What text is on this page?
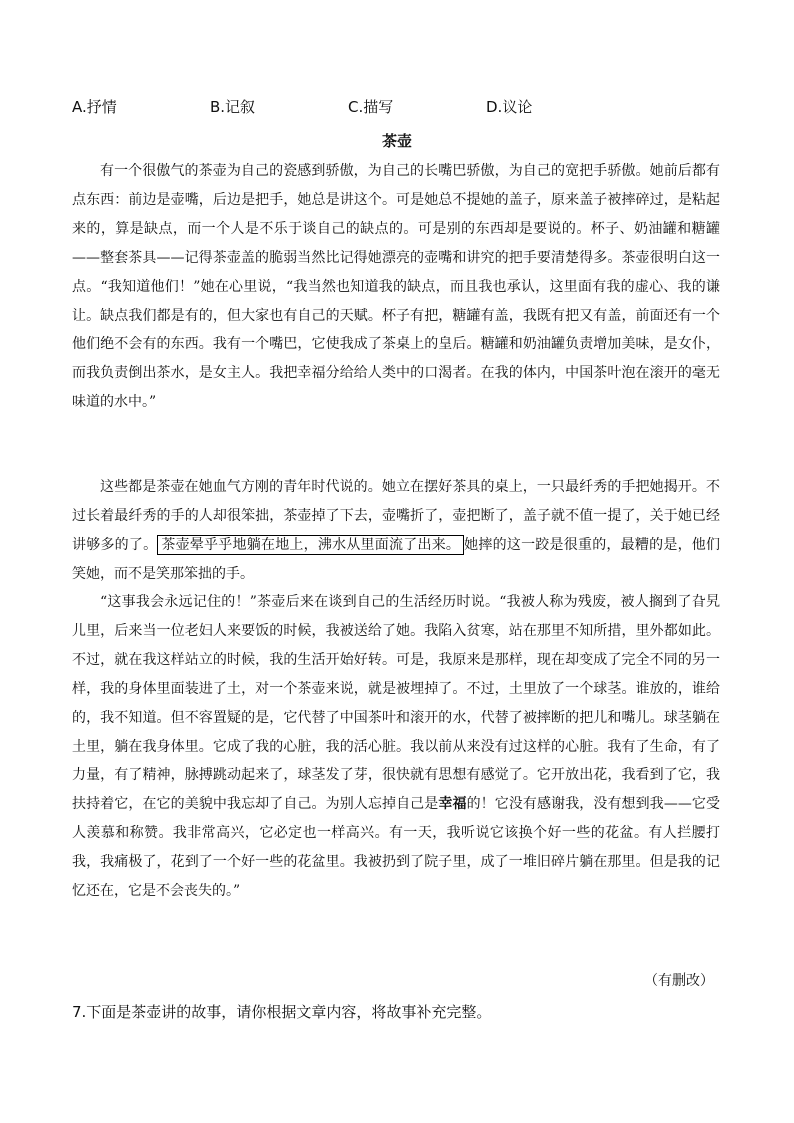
A.抒情	B.记叙	C.描写	D.议论
茶壶

有一个很傲气的茶壶为自己的瓷感到骄傲，为自己的长嘴巴骄傲，为自己的宽把手骄傲。她前后都有点东西：前边是壶嘴，后边是把手，她总是讲这个。可是她总不提她的盖子，原来盖子被摔碎过，是粘起来的，算是缺点，而一个人是不乐于谈自己的缺点的。可是别的东西却是要说的。杯子、奶油罐和糖罐——整套茶具——记得茶壶盖的脆弱当然比记得她漂亮的壶嘴和讲究的把手要清楚得多。茶壶很明白这一点。“我知道他们！”她在心里说，“我当然也知道我的缺点，而且我也承认，这里面有我的虚心、我的谦让。缺点我们都是有的，但大家也有自己的天赋。杯子有把，糖罐有盖，我既有把又有盖，前面还有一个他们绝不会有的东西。我有一个嘴巴，它使我成了茶桌上的皇后。糖罐和奶油罐负责增加美味，是女仆，而我负责倒出茶水，是女主人。我把幸福分给给人类中的口渴者。在我的体内，中国茶叶泡在滚开的毫无味道的水中。”

这些都是茶壶在她血气方刚的青年时代说的。她立在摆好茶具的桌上，一只最纤秀的手把她揭开。不过长着最纤秀的手的人却很笨拙，茶壶掉了下去，壶嘴折了，壶把断了，盖子就不值一提了，关于她已经讲够多的了。 茶壶晕乎乎地躺在地上，沸水从里面流了出来。 她摔的这一跤是很重的，最糟的是，他们笑她，而不是笑那笨拙的手。

“这事我会永远记住的！”茶壶后来在谈到自己的生活经历时说。“我被人称为残废，被人搁到了旮旯儿里，后来当一位老妇人来要饭的时候，我被送给了她。我陷入贫寒，站在那里不知所措，里外都如此。不过，就在我这样站立的时候，我的生活开始好转。可是，我原来是那样，现在却变成了完全不同的另一样，我的身体里面装进了土，对一个茶壶来说，就是被埋掉了。不过，土里放了一个球茎。谁放的，谁给的，我不知道。但不容置疑的是，它代替了中国茶叶和滚开的水，代替了被摔断的把儿和嘴儿。球茎躺在土里，躺在我身体里。它成了我的心脏，我的活心脏。我以前从来没有过这样的心脏。我有了生命，有了力量，有了精神，脉搏跳动起来了，球茎发了芽，很快就有思想有感觉了。它开放出花，我看到了它，我扶持着它，在它的美貌中我忘却了自己。为别人忘掉自己是幸福的！它没有感谢我，没有想到我——它受人羡慕和称赞。我非常高兴，它必定也一样高兴。有一天，我听说它该换个好一些的花盆。有人拦腰打我，我痛极了，花到了一个好一些的花盆里。我被扔到了院子里，成了一堆旧碎片躺在那里。但是我的记忆还在，它是不会丧失的。”

（有删改）
7.下面是茶壶讲的故事，请你根据文章内容，将故事补充完整。
